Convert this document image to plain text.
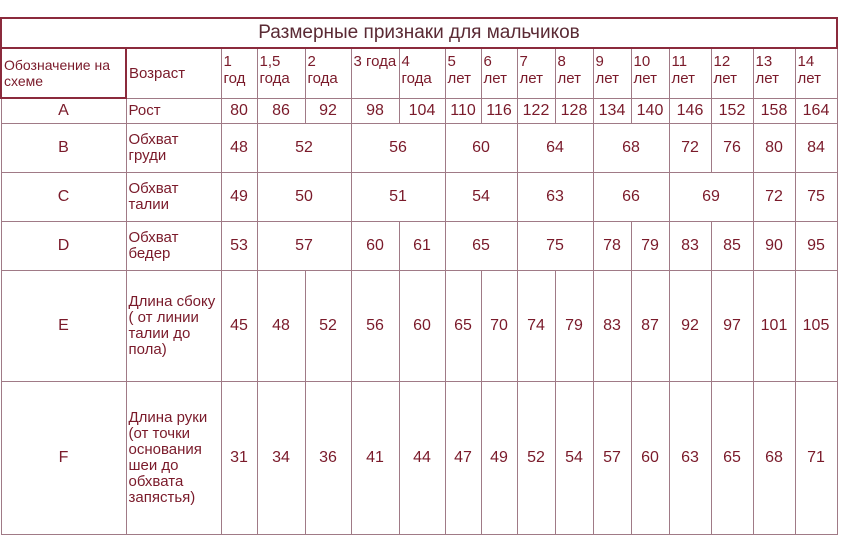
Размерные признаки для мальчиков																
Обозначение на схеме	Возраст	1 год	1,5 года	2 года	3 года	4 года	5 лет	6 лет	7 лет	8 лет	9 лет	10 лет	11 лет	12 лет	13 лет	14 лет
A	Рост	80	86	92	98	104	110	116	122	128	134	140	146	152	158	164
B	Обхват груди	48	52		56		60		64		68		72	76	80	84
C	Обхват талии	49	50		51		54		63		66		69		72	75
D	Обхват бедер	53	57		60	61	65		75		78	79	83	85	90	95
E	Длина сбоку ( от линии талии до пола)	45	48	52	56	60	65	70	74	79	83	87	92	97	101	105
F	Длина руки (от точки основания шеи до обхвата запястья)	31	34	36	41	44	47	49	52	54	57	60	63	65	68	71
